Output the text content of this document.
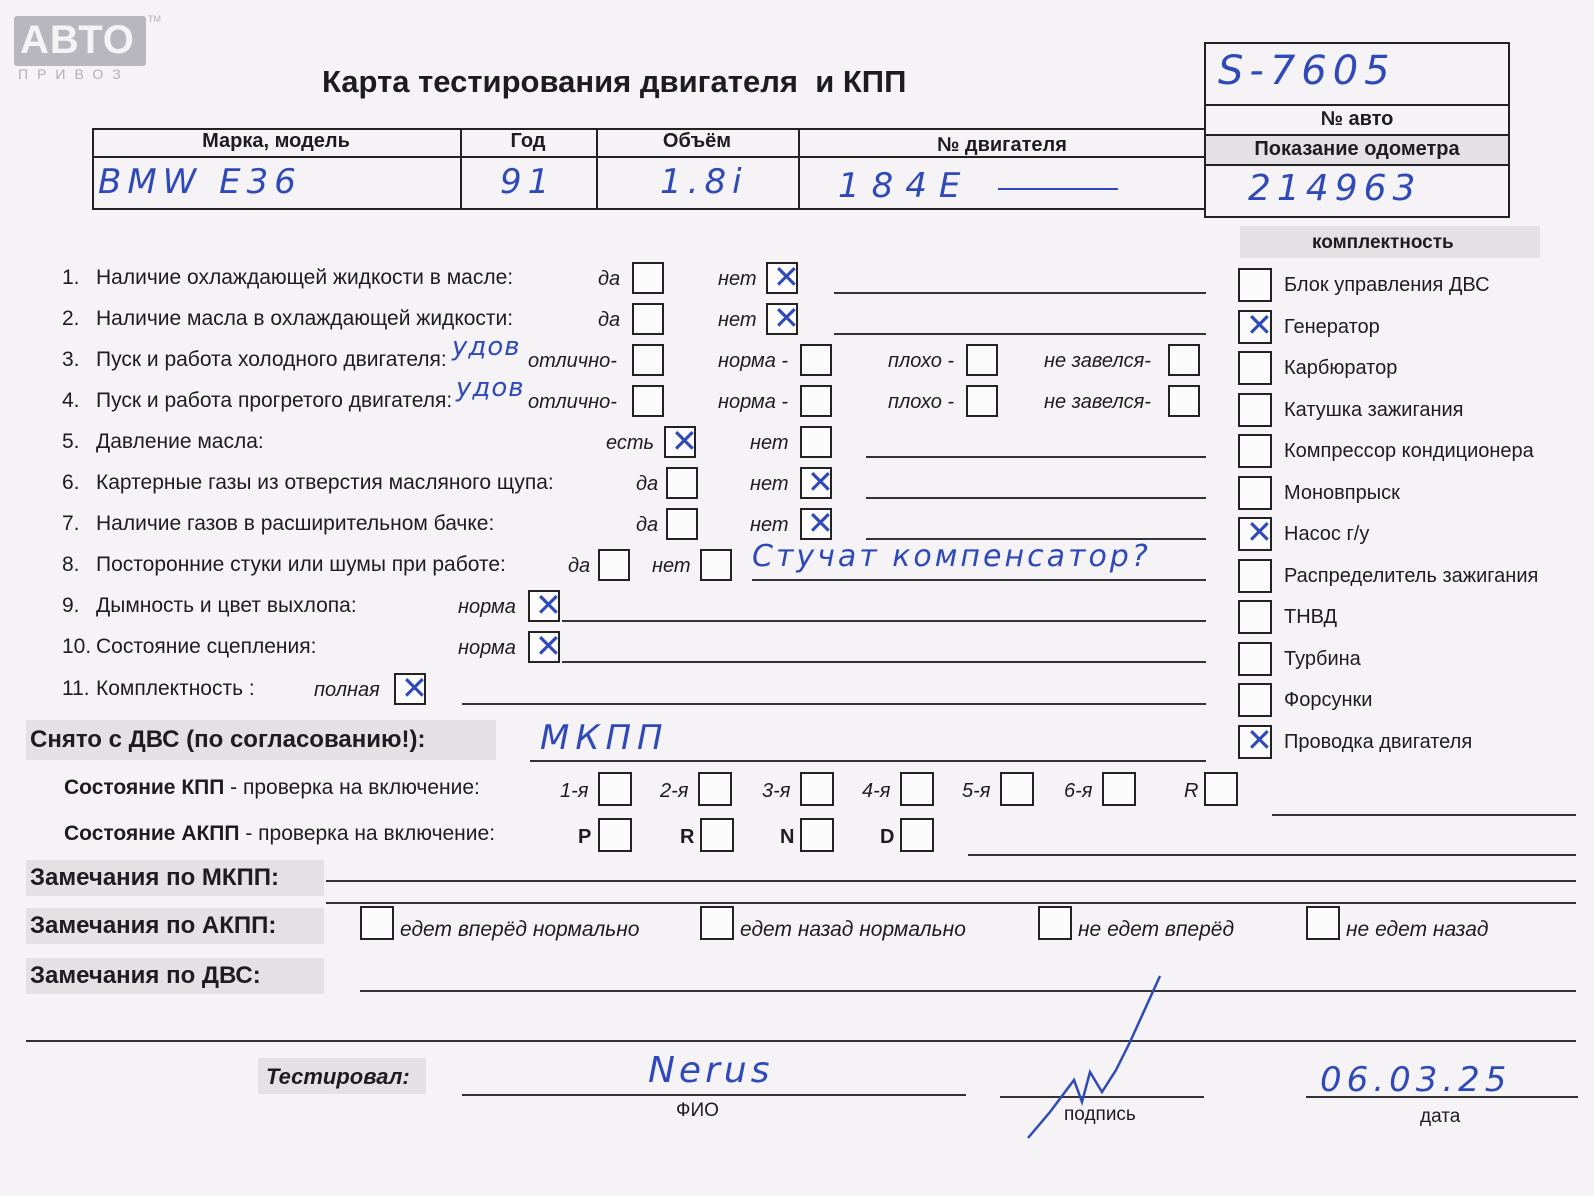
АВТО
ПРИВОЗ
TM
Карта тестирования двигателя  и КПП	S-7605
№ авто
Показание одометра
214963
Марка, модель	Год	Объём	№ двигателя
BMW E36	91	1.8i	184E
1. Наличие охлаждающей жидкости в масле:	да	нет ✕
2. Наличие масла в охлаждающей жидкости:	да	нет ✕
3. Пуск и работа холодного двигателя: удов отлично-	норма -	плохо -	не завелся-
4. Пуск и работа прогретого двигателя: удов отлично-	норма -	плохо -	не завелся-
5. Давление масла:	есть ✕	нет
6. Картерные газы из отверстия масляного щупа:	да	нет ✕
7. Наличие газов в расширительном бачке:	да	нет ✕
8. Посторонние стуки или шумы при работе:	да	нет Стучат компенсатор?
9. Дымность и цвет выхлопа:	норма ✕
10. Состояние сцепления:	норма ✕
11. Комплектность :	полная ✕
комплектность
Блок управления ДВС
✕ Генератор
Карбюратор
Катушка зажигания
Компрессор кондиционера
Моновпрыск
✕ Насос г/у
Распределитель зажигания
ТНВД
Турбина
Форсунки
✕ Проводка двигателя
Снято с ДВС (по согласованию!):	МКПП
Состояние КПП - проверка на включение:	1-я	2-я	3-я	4-я	5-я	6-я	R
Состояние АКПП - проверка на включение:	P	R	N	D
Замечания по МКПП:
Замечания по АКПП:	едет вперёд нормально	едет назад нормально	не едет вперёд	не едет назад
Замечания по ДВС:
Тестировал:	Nerus
ФИО	подпись
06.03.25
дата
